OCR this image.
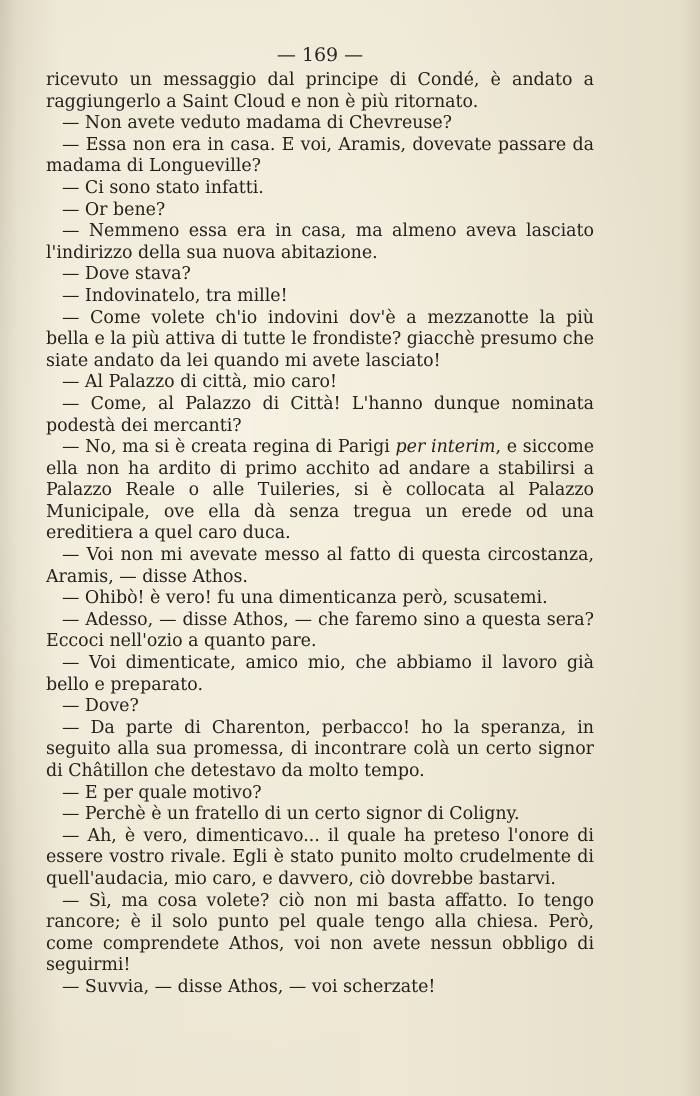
— 169 —

ricevuto un messaggio dal principe di Condé, è andato a raggiungerlo a Saint Cloud e non è più ritornato.

— Non avete veduto madama di Chevreuse?

— Essa non era in casa. E voi, Aramis, dovevate passare da madama di Longueville?

— Ci sono stato infatti.

— Or bene?

— Nemmeno essa era in casa, ma almeno aveva lasciato l'indirizzo della sua nuova abitazione.

— Dove stava?

— Indovinatelo, tra mille!

— Come volete ch'io indovini dov'è a mezzanotte la più bella e la più attiva di tutte le frondiste? giacchè presumo che siate andato da lei quando mi avete lasciato!

— Al Palazzo di città, mio caro!

— Come, al Palazzo di Città! L'hanno dunque nominata podestà dei mercanti?

— No, ma si è creata regina di Parigi per interim, e siccome ella non ha ardito di primo acchito ad andare a stabilirsi a Palazzo Reale o alle Tuileries, si è collocata al Palazzo Municipale, ove ella dà senza tregua un erede od una ereditiera a quel caro duca.

— Voi non mi avevate messo al fatto di questa circostanza, Aramis, — disse Athos.

— Ohibò! è vero! fu una dimenticanza però, scusatemi.

— Adesso, — disse Athos, — che faremo sino a questa sera? Eccoci nell'ozio a quanto pare.

— Voi dimenticate, amico mio, che abbiamo il lavoro già bello e preparato.

— Dove?

— Da parte di Charenton, perbacco! ho la speranza, in seguito alla sua promessa, di incontrare colà un certo signor di Châtillon che detestavo da molto tempo.

— E per quale motivo?

— Perchè è un fratello di un certo signor di Coligny.

— Ah, è vero, dimenticavo... il quale ha preteso l'onore di essere vostro rivale. Egli è stato punito molto crudelmente di quell'audacia, mio caro, e davvero, ciò dovrebbe bastarvi.

— Sì, ma cosa volete? ciò non mi basta affatto. Io tengo rancore; è il solo punto pel quale tengo alla chiesa. Però, come comprendete Athos, voi non avete nessun obbligo di seguirmi!

— Suvvia, — disse Athos, — voi scherzate!
